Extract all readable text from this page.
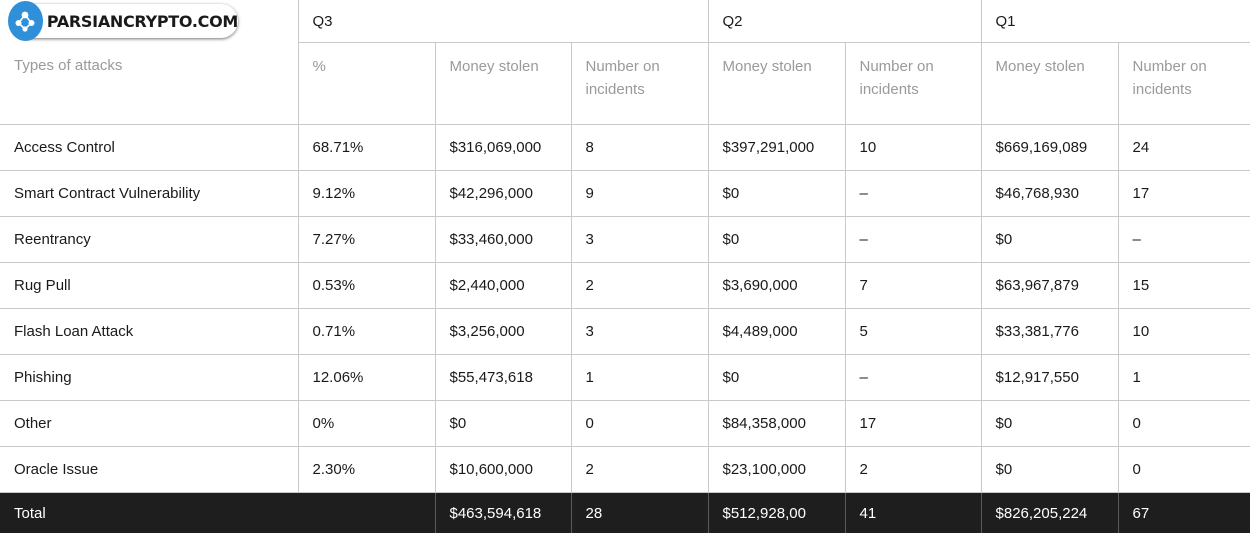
	Q3			Q2		Q1	
Types of attacks	%	Money stolen	Number on incidents	Money stolen	Number on incidents	Money stolen	Number on incidents
Access Control	68.71%	$316,069,000	8	$397,291,000	10	$669,169,089	24
Smart Contract Vulnerability	9.12%	$42,296,000	9	$0	–	$46,768,930	17
Reentrancy	7.27%	$33,460,000	3	$0	–	$0	–
Rug Pull	0.53%	$2,440,000	2	$3,690,000	7	$63,967,879	15
Flash Loan Attack	0.71%	$3,256,000	3	$4,489,000	5	$33,381,776	10
Phishing	12.06%	$55,473,618	1	$0	–	$12,917,550	1
Other	0%	$0	0	$84,358,000	17	$0	0
Oracle Issue	2.30%	$10,600,000	2	$23,100,000	2	$0	0
Total		$463,594,618	28	$512,928,00	41	$826,205,224	67
PARSIANCRYPTO.COM
